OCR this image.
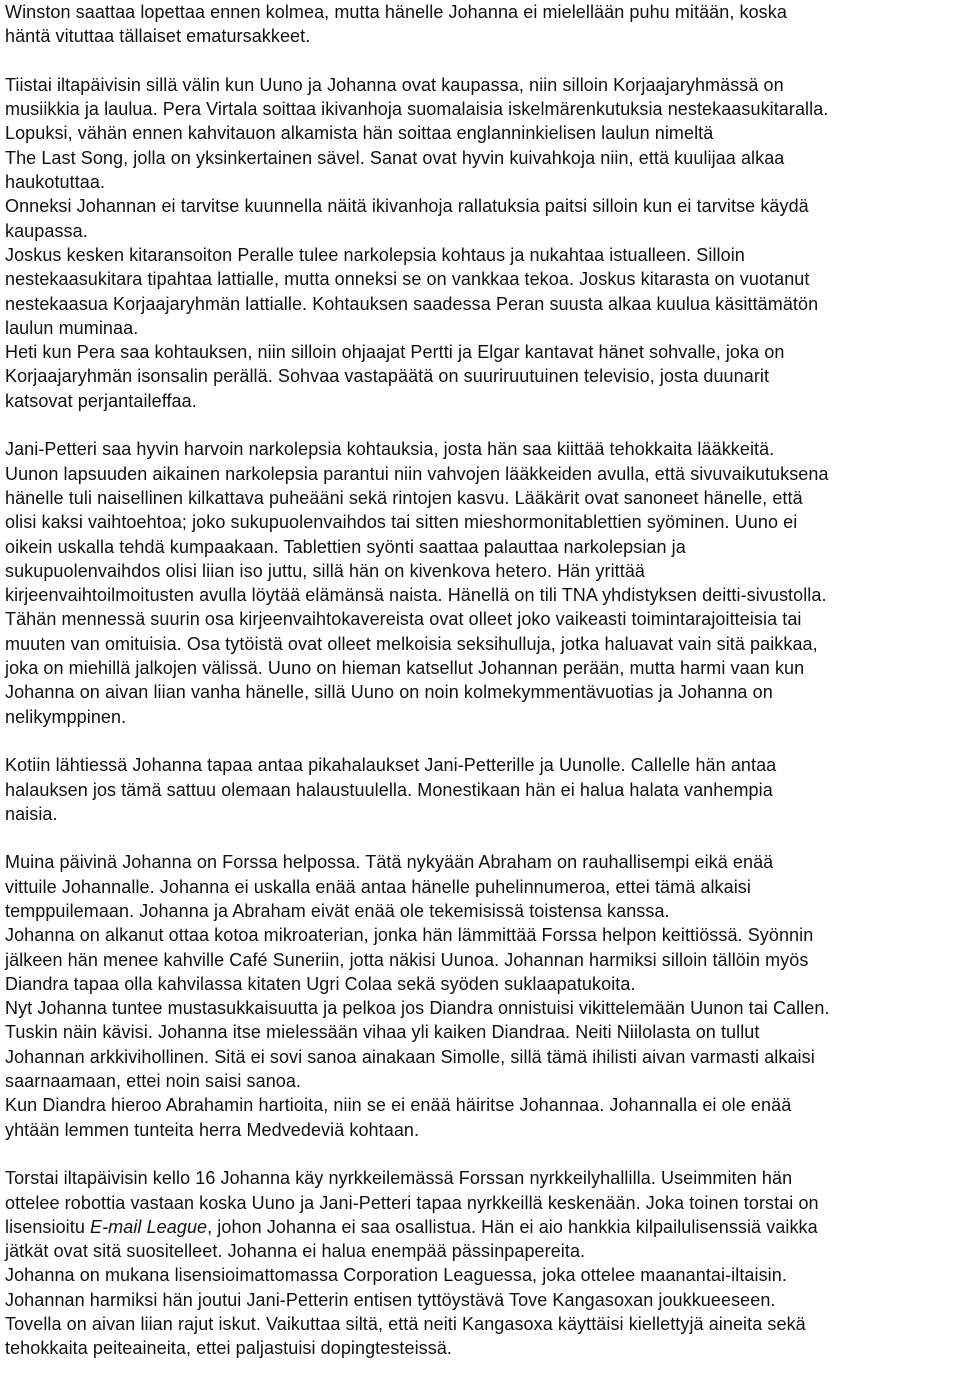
Winston saattaa lopettaa ennen kolmea, mutta hänelle Johanna ei mielellään puhu mitään, koska
häntä vituttaa tällaiset ematursakkeet.
Tiistai iltapäivisin sillä välin kun Uuno ja Johanna ovat kaupassa, niin silloin Korjaajaryhmässä on
musiikkia ja laulua. Pera Virtala soittaa ikivanhoja suomalaisia iskelmärenkutuksia nestekaasukitaralla.
Lopuksi, vähän ennen kahvitauon alkamista hän soittaa englanninkielisen laulun nimeltä
The Last Song, jolla on yksinkertainen sävel. Sanat ovat hyvin kuivahkoja niin, että kuulijaa alkaa
haukotuttaa.
Onneksi Johannan ei tarvitse kuunnella näitä ikivanhoja rallatuksia paitsi silloin kun ei tarvitse käydä
kaupassa.
Joskus kesken kitaransoiton Peralle tulee narkolepsia kohtaus ja nukahtaa istualleen. Silloin
nestekaasukitara tipahtaa lattialle, mutta onneksi se on vankkaa tekoa. Joskus kitarasta on vuotanut
nestekaasua Korjaajaryhmän lattialle. Kohtauksen saadessa Peran suusta alkaa kuulua käsittämätön
laulun muminaa.
Heti kun Pera saa kohtauksen, niin silloin ohjaajat Pertti ja Elgar kantavat hänet sohvalle, joka on
Korjaajaryhmän isonsalin perällä. Sohvaa vastapäätä on suuriruutuinen televisio, josta duunarit
katsovat perjantaileffaa.
Jani-Petteri saa hyvin harvoin narkolepsia kohtauksia, josta hän saa kiittää tehokkaita lääkkeitä.
Uunon lapsuuden aikainen narkolepsia parantui niin vahvojen lääkkeiden avulla, että sivuvaikutuksena
hänelle tuli naisellinen kilkattava puheääni sekä rintojen kasvu. Lääkärit ovat sanoneet hänelle, että
olisi kaksi vaihtoehtoa; joko sukupuolenvaihdos tai sitten mieshormonitablettien syöminen. Uuno ei
oikein uskalla tehdä kumpaakaan. Tablettien syönti saattaa palauttaa narkolepsian ja
sukupuolenvaihdos olisi liian iso juttu, sillä hän on kivenkova hetero. Hän yrittää
kirjeenvaihtoilmoitusten avulla löytää elämänsä naista. Hänellä on tili TNA yhdistyksen deitti-sivustolla.
Tähän mennessä suurin osa kirjeenvaihtokavereista ovat olleet joko vaikeasti toimintarajoitteisia tai
muuten van omituisia. Osa tytöistä ovat olleet melkoisia seksihulluja, jotka haluavat vain sitä paikkaa,
joka on miehillä jalkojen välissä. Uuno on hieman katsellut Johannan perään, mutta harmi vaan kun
Johanna on aivan liian vanha hänelle, sillä Uuno on noin kolmekymmentävuotias ja Johanna on
nelikymppinen.
Kotiin lähtiessä Johanna tapaa antaa pikahalaukset Jani-Petterille ja Uunolle. Callelle hän antaa
halauksen jos tämä sattuu olemaan halaustuulella. Monestikaan hän ei halua halata vanhempia
naisia.
Muina päivinä Johanna on Forssa helpossa. Tätä nykyään Abraham on rauhallisempi eikä enää
vittuile Johannalle. Johanna ei uskalla enää antaa hänelle puhelinnumeroa, ettei tämä alkaisi
temppuilemaan. Johanna ja Abraham eivät enää ole tekemisissä toistensa kanssa.
Johanna on alkanut ottaa kotoa mikroaterian, jonka hän lämmittää Forssa helpon keittiössä. Syönnin
jälkeen hän menee kahville Café Suneriin, jotta näkisi Uunoa. Johannan harmiksi silloin tällöin myös
Diandra tapaa olla kahvilassa kitaten Ugri Colaa sekä syöden suklaapatukoita.
Nyt Johanna tuntee mustasukkaisuutta ja pelkoa jos Diandra onnistuisi vikittelemään Uunon tai Callen.
Tuskin näin kävisi. Johanna itse mielessään vihaa yli kaiken Diandraa. Neiti Niilolasta on tullut
Johannan arkkivihollinen. Sitä ei sovi sanoa ainakaan Simolle, sillä tämä ihilisti aivan varmasti alkaisi
saarnaamaan, ettei noin saisi sanoa.
Kun Diandra hieroo Abrahamin hartioita, niin se ei enää häiritse Johannaa. Johannalla ei ole enää
yhtään lemmen tunteita herra Medvedeviä kohtaan.
Torstai iltapäivisin kello 16 Johanna käy nyrkkeilemässä Forssan nyrkkeilyhallilla. Useimmiten hän
ottelee robottia vastaan koska Uuno ja Jani-Petteri tapaa nyrkkeillä keskenään. Joka toinen torstai on
lisensioitu E-mail League, johon Johanna ei saa osallistua. Hän ei aio hankkia kilpailulisenssiä vaikka
jätkät ovat sitä suositelleet. Johanna ei halua enempää pässinpapereita.
Johanna on mukana lisensioimattomassa Corporation Leaguessa, joka ottelee maanantai-iltaisin.
Johannan harmiksi hän joutui Jani-Petterin entisen tyttöystävä Tove Kangasoxan joukkueeseen.
Tovella on aivan liian rajut iskut. Vaikuttaa siltä, että neiti Kangasoxa käyttäisi kiellettyjä aineita sekä
tehokkaita peiteaineita, ettei paljastuisi dopingtesteissä.
